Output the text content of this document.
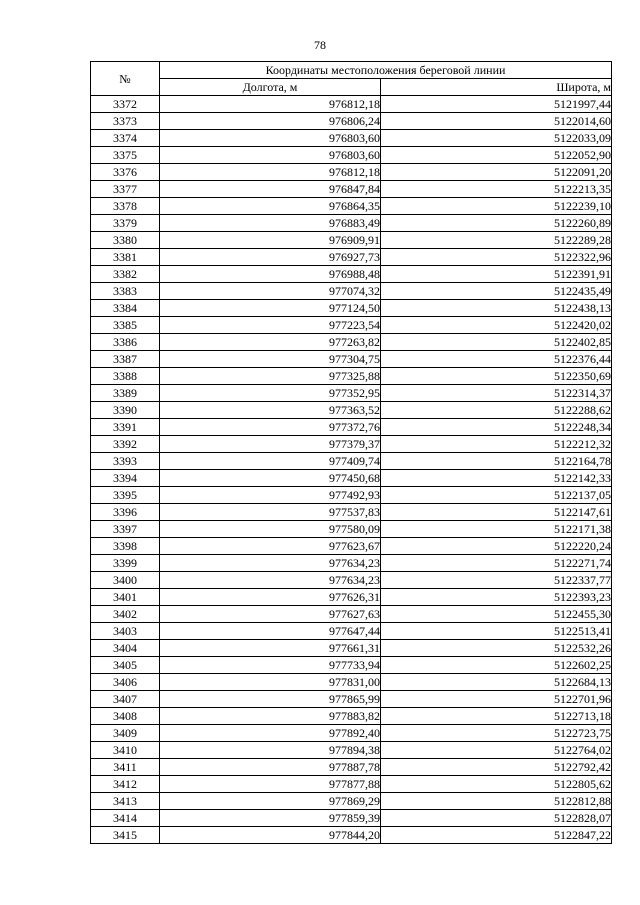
78
№	Координаты местоположения береговой линии	
	Долгота, м	Широта, м
3372	976812,18	5121997,44
3373	976806,24	5122014,60
3374	976803,60	5122033,09
3375	976803,60	5122052,90
3376	976812,18	5122091,20
3377	976847,84	5122213,35
3378	976864,35	5122239,10
3379	976883,49	5122260,89
3380	976909,91	5122289,28
3381	976927,73	5122322,96
3382	976988,48	5122391,91
3383	977074,32	5122435,49
3384	977124,50	5122438,13
3385	977223,54	5122420,02
3386	977263,82	5122402,85
3387	977304,75	5122376,44
3388	977325,88	5122350,69
3389	977352,95	5122314,37
3390	977363,52	5122288,62
3391	977372,76	5122248,34
3392	977379,37	5122212,32
3393	977409,74	5122164,78
3394	977450,68	5122142,33
3395	977492,93	5122137,05
3396	977537,83	5122147,61
3397	977580,09	5122171,38
3398	977623,67	5122220,24
3399	977634,23	5122271,74
3400	977634,23	5122337,77
3401	977626,31	5122393,23
3402	977627,63	5122455,30
3403	977647,44	5122513,41
3404	977661,31	5122532,26
3405	977733,94	5122602,25
3406	977831,00	5122684,13
3407	977865,99	5122701,96
3408	977883,82	5122713,18
3409	977892,40	5122723,75
3410	977894,38	5122764,02
3411	977887,78	5122792,42
3412	977877,88	5122805,62
3413	977869,29	5122812,88
3414	977859,39	5122828,07
3415	977844,20	5122847,22
